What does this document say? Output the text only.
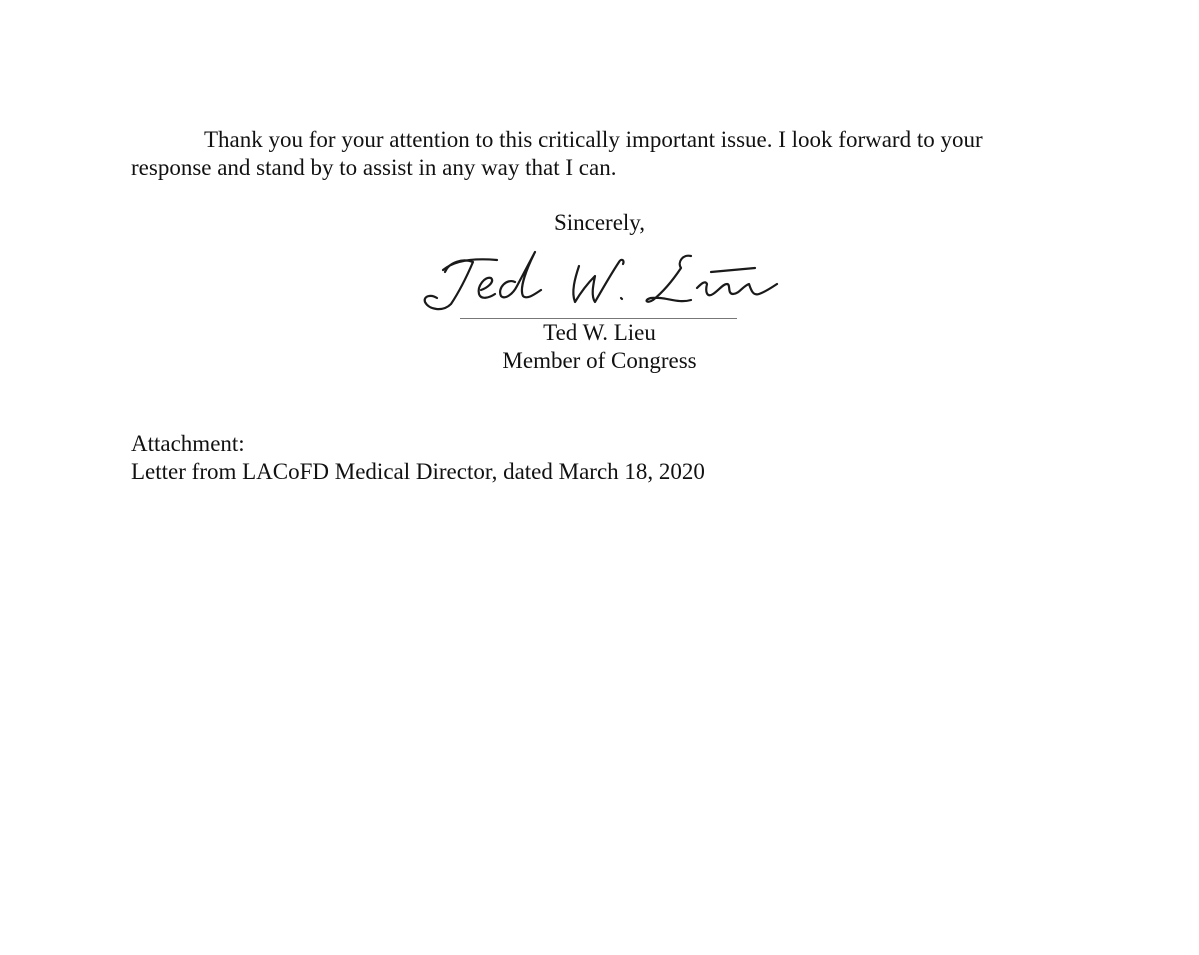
Thank you for your attention to this critically important issue. I look forward to your
response and stand by to assist in any way that I can.

Sincerely,

Ted W. Lieu

Member of Congress

Attachment:

Letter from LACoFD Medical Director, dated March 18, 2020
